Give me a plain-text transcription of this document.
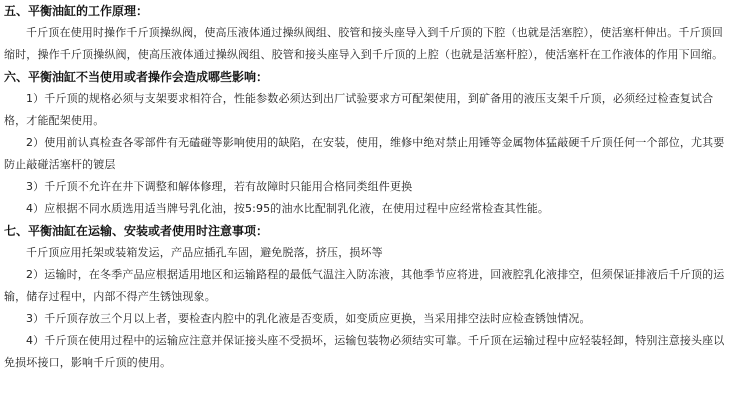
五、平衡油缸的工作原理：
千斤顶在使用时操作千斤顶操纵阀，使高压液体通过操纵阀组、胶管和接头座导入到千斤顶的下腔（也就是活塞腔），使活塞杆伸出。千斤顶回缩时，操作千斤顶操纵阀，使高压液体通过操纵阀组、胶管和接头座导入到千斤顶的上腔（也就是活塞杆腔），使活塞杆在工作液体的作用下回缩。
六、平衡油缸不当使用或者操作会造成哪些影响：
1）千斤顶的规格必须与支架要求相符合，性能参数必须达到出厂试验要求方可配架使用，到矿备用的液压支架千斤顶，必须经过检查复试合格，才能配架使用。
2）使用前认真检查各零部件有无磕碰等影响使用的缺陷，在安装，使用，维修中绝对禁止用锤等金属物体猛敲硬千斤顶任何一个部位，尤其要防止敲碰活塞杆的镀层
3）千斤顶不允许在井下调整和解体修理，若有故障时只能用合格同类组件更换
4）应根据不同水质选用适当牌号乳化油，按5:95的油水比配制乳化液，在使用过程中应经常检查其性能。
七、平衡油缸在运输、安装或者使用时注意事项：
千斤顶应用托架或装箱发运，产品应插孔车固，避免脱落，挤压，损坏等
2）运输时，在冬季产品应根据适用地区和运输路程的最低气温注入防冻液，其他季节应将进，回液腔乳化液排空，但须保证排液后千斤顶的运输，储存过程中，内部不得产生锈蚀现象。
3）千斤顶存放三个月以上者，要检查内腔中的乳化液是否变质，如变质应更换，当采用排空法时应检查锈蚀情况。
4）千斤顶在使用过程中的运输应注意并保证接头座不受损坏，运输包装物必须结实可靠。千斤顶在运输过程中应轻装轻卸，特别注意接头座以免损坏接口，影响千斤顶的使用。
